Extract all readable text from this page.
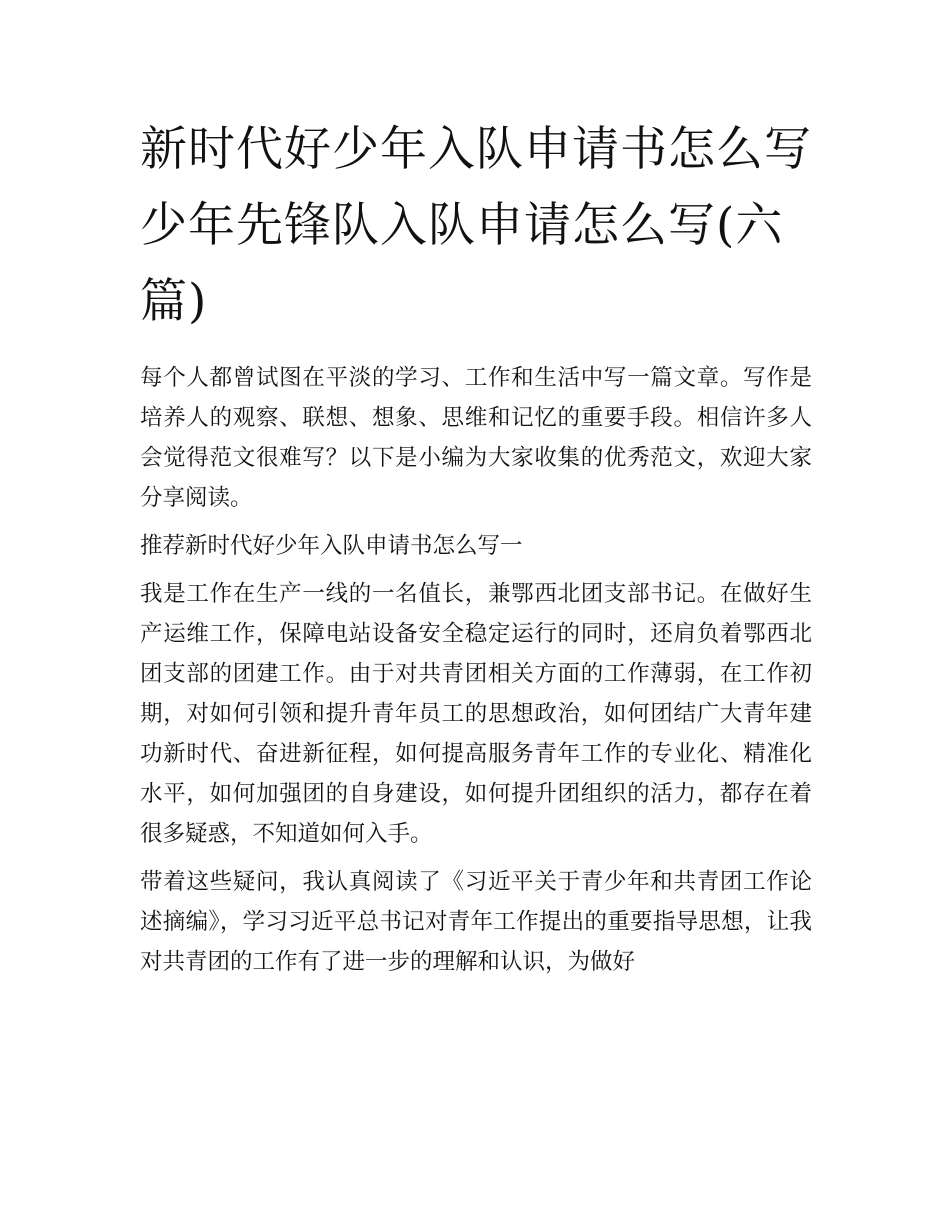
新时代好少年入队申请书怎么写 少年先锋队入队申请怎么写(六篇)

每个人都曾试图在平淡的学习、工作和生活中写一篇文章。写作是培养人的观察、联想、想象、思维和记忆的重要手段。相信许多人会觉得范文很难写？以下是小编为大家收集的优秀范文，欢迎大家分享阅读。

推荐新时代好少年入队申请书怎么写一

我是工作在生产一线的一名值长，兼鄂西北团支部书记。在做好生产运维工作，保障电站设备安全稳定运行的同时，还肩负着鄂西北团支部的团建工作。由于对共青团相关方面的工作薄弱，在工作初期，对如何引领和提升青年员工的思想政治，如何团结广大青年建功新时代、奋进新征程，如何提高服务青年工作的专业化、精准化水平，如何加强团的自身建设，如何提升团组织的活力，都存在着很多疑惑，不知道如何入手。

带着这些疑问，我认真阅读了《习近平关于青少年和共青团工作论述摘编》，学习习近平总书记对青年工作提出的重要指导思想，让我对共青团的工作有了进一步的理解和认识，为做好
